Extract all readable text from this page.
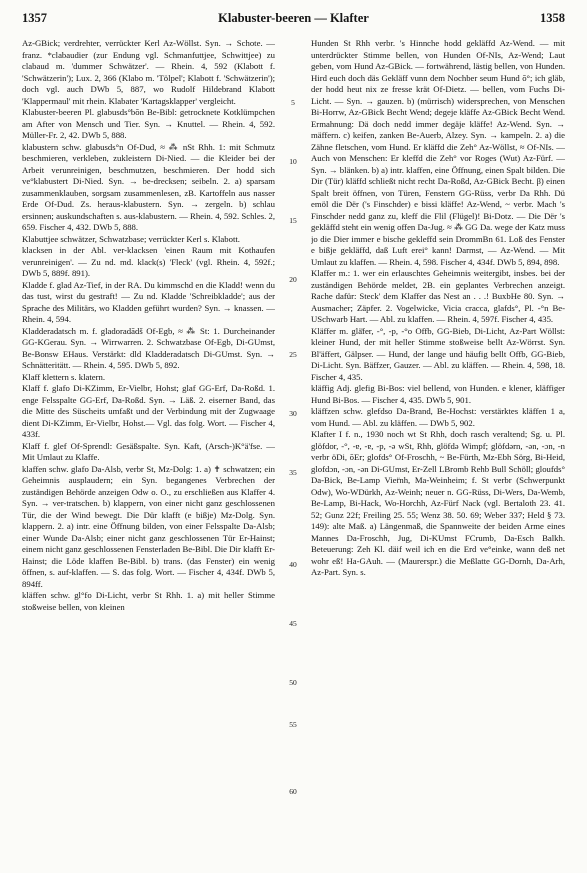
1357	Klabuster-beeren — Klafter	1358

Az-GBick; verdrehter, verrückter Kerl Az-Wöllst. Syn. → Schote. — franz. *clabaudier (zur Endung vgl. Schmanfuttjee, Schwittjee) zu clabaud m. 'dummer Schwätzer'. — Rhein. 4, 592 (Klabott f. 'Schwätzerin'); Lux. 2, 366 (Klabo m. 'Tölpel'; Klabott f. 'Schwätzerin'); doch vgl. auch DWb 5, 887, wo Rudolf Hildebrand Klabott 'Klappermaul' mit rhein. Klabater 'Kartagsklapper' vergleicht.

Klabuster-beeren Pl. glabusds°bōn Be-Bibl: getrocknete Kotklümpchen am After von Mensch und Tier. Syn. → Knuttel. — Rhein. 4, 592. Müller-Fr. 2, 42. DWb 5, 888.

klabustern schw. glabusds°n Of-Dud, ≈ ⁂ nSt Rhh. 1: mit Schmutz beschmieren, verkleben, zukleistern Di-Nied. — die Kleider bei der Arbeit verunreinigen, beschmutzen, beschmieren. Der hodd sich ve°klabustert Di-Nied. Syn. → be-drecksen; seibeln. 2. a) sparsam zusammenklauben, sorgsam zusammenlesen, zB. Kartoffeln aus nasser Erde Of-Dud. Zs. heraus-klabustern. Syn. → zergeln. b) schlau ersinnen; auskundschaften s. aus-klabustern. — Rhein. 4, 592. Schles. 2, 659. Fischer 4, 432. DWb 5, 888.

Klabuttjee schwätzer, Schwatzbase; verrückter Kerl s. Klabott.

klacksen in der Abl. ver-klacksen 'einen Raum mit Kothaufen verunreinigen'. — Zu nd. md. klack(s) 'Fleck' (vgl. Rhein. 4, 592f.; DWb 5, 889f. 891).

Kladde f. glad Az-Tief, in der RA. Du kimmschd en die Kladd! wenn du das tust, wirst du gestraft! — Zu nd. Kladde 'Schreibkladde'; aus der Sprache des Militärs, wo Kladden geführt wurden? Syn. → knassen. — Rhein. 4, 594.

Kladderadatsch m. f. gladoradādš Of-Egb, ≈ ⁂ St: 1. Durcheinander GG-KGerau. Syn. → Wirrwarren. 2. Schwatzbase Of-Egb, Di-GUmst, Be-Bonsw EHaus. Verstärkt: dld Kladderadatsch Di-GUmst. Syn. → Schnätteritätt. — Rhein. 4, 595. DWb 5, 892.

Klaff klettern s. klatern.

Klaff f. glafo Di-KZimm, Er-Vielbr, Hohst; glaf GG-Erf, Da-Roßd. 1. enge Felsspalte GG-Erf, Da-Roßd. Syn. → Läß. 2. eiserner Band, das die Mitte des Süscheits umfaßt und der Verbindung mit der Zugwaage dient Di-KZimm, Er-Vielbr, Hohst.— Vgl. das folg. Wort. — Fischer 4, 433f.

Klaff f. glef Of-Sprendl: Gesäßspalte. Syn. Kaft, (Arsch-)K°ä'fse. — Mit Umlaut zu Klaffe.

klaffen schw. glafo Da-Alsb, verbr St, Mz-Dolg: 1. a) ✝ schwatzen; ein Geheimnis ausplaudern; ein Syn. begangenes Verbrechen der zuständigen Behörde anzeigen Odw o. O., zu erschließen aus Klaffer 4. Syn. → ver-tratschen. b) klappern, von einer nicht ganz geschlossenen Tür, die der Wind bewegt. Die Dür klafft (e bißje) Mz-Dolg. Syn. klappern. 2. a) intr. eine Öffnung bilden, von einer Felsspalte Da-Alsb; einer Wunde Da-Alsb; einer nicht ganz geschlossenen Tür Er-Hainst; einem nicht ganz geschlossenen Fensterladen Be-Bibl. Die Dir klafft Er-Hainst; die Löde klaffen Be-Bibl. b) trans. (das Fenster) ein wenig öffnen, s. auf-klaffen. — S. das folg. Wort. — Fischer 4, 434f. DWb 5, 894ff.

kläffen schw. gl°fo Di-Licht, verbr St Rhh. 1. a) mit heller Stimme stoßweise bellen, von kleinen

5
10
15
20
25
30
35
40
45
50
55
60

Hunden St Rhh verbr. 's Hinnche hodd gekläffd Az-Wend. — mit unterdrückter Stimme bellen, von Hunden Of-NIs, Az-Wend; Laut geben, vom Hund Az-GBick. — fortwährend, lästig bellen, von Hunden. Hird euch doch däs Gekläff vunn dem Nochber seum Hund ō°; ich gläb, der hodd heut nix ze fresse krät Of-Dietz. — bellen, vom Fuchs Di-Licht. — Syn. → gauzen. b) (mürrisch) widersprechen, von Menschen Bi-Horrw, Az-GBick Becht Wend; degeje kläffe Az-GBick Becht Wend. Ermahnung: Dä doch nedd immer degäje kläffe! Az-Wend. Syn. → mäffern. c) keifen, zanken Be-Auerb, Alzey. Syn. → kampeln. 2. a) die Zähne fletschen, vom Hund. Er kläffd die Zeh° Az-Wöllst, ≈ Of-NIs. — Auch von Menschen: Er kleffd die Zeh° vor Roges (Wut) Az-Fürf. — Syn. → blänken. b) a) intr. klaffen, eine Öffnung, einen Spalt bilden. Die Dir (Tür) kläffd schließt nicht recht Da-Roßd, Az-GBick Becht. β) einen Spalt breit öffnen, von Türen, Fenstern GG-Rüss, verbr Da Rhh. Dü emöl die Dër ('s Finschder) e bissi kläffe! Az-Wend, ~ verbr. Mach 's Finschder nedd ganz zu, kleff die Flil (Flügel)! Bi-Dotz. — Die Dër 's gekläffd steht ein wenig offen Da-Jug. ≈ ⁂ GG Da. wege der Katz muss jo die Dier immer e bische gekleffd sein DrommBn 61. Loß des Fenster e bißje gekläffd, daß Luft erei° kann! Darmst, — Az-Wend. — Mit Umlaut zu klaffen. — Rhein. 4, 598. Fischer 4, 434f. DWb 5, 894, 898.

Klaffer m.: 1. wer ein erlauschtes Geheimnis weitergibt, insbes. bei der zuständigen Behörde meldet, 2B. ein geplantes Verbrechen anzeigt. Rache dafür: Steck' dem Klaffer das Nest an . . .! BuxbHe 80. Syn. → Ausmacher; Zäpfer. 2. Vogelwicke, Vicia cracca, glafds°, Pl. -°n Be-USchwarb Hart. — Abl. zu klaffen. — Rhein. 4, 597f. Fischer 4, 435.

Kläffer m. glä̈fer, -°, -p, -°o Offb, GG-Bieb, Di-Licht, Az-Part Wöllst: kleiner Hund, der mit heller Stimme stoßweise bellt Az-Wörrst. Syn. Bl'äffert, Gälpser. — Hund, der lange und häufig bellt Offb, GG-Bieb, Di-Licht. Syn. Bäffzer, Gauzer. — Abl. zu kläffen. — Rhein. 4, 598, 18. Fischer 4, 435.

kläffig Adj. glefig Bi-Bos: viel bellend, von Hunden. e klener, kläffiger Hund Bi-Bos. — Fischer 4, 435. DWb 5, 901.

kläffzen schw. glefdso Da-Brand, Be-Hochst: verstärktes kläffen 1 a, vom Hund. — Abl. zu kläffen. — DWb 5, 902.

Klafter I f. n., 1930 noch wt St Rhh, doch rasch veraltend; Sg. u. Pl. glöfdor, -°, -ɐ, -ɐ, -p, -ə wSt, Rhh, glöfdə Wimpf; glöfdərn, -ən, -ɔn, -n verbr öDi, ōEr; glofds° Of-Froschh, ~ Be-Fürth, Mz-Ebh Sörg, Bi-Heid, glofdɔn, -ɔn, -ən Di-GUmst, Er-Zell LBromb Rehb Bull Schöll; gloufds° Da-Bick, Be-Lamp Vier̈nh, Ma-Weinheim; f. St verbr (Schwerpunkt Odw), Wo-WDürkh, Az-Weinh; neuer n. GG-Rüss, Di-Wers, Da-Wemb, Be-Lamp, Bi-Hack, Wo-Horchh, Az-Fürf Nack (vgl. Bertaloth 23. 41. 52; Gunz 22f; Freiling 25. 55; Wenz 38. 50. 69; Weber 337; Held § 73. 149): alte Maß. a) Längenmaß, die Spannweite der beiden Arme eines Mannes Da-Froschh, Jug, Di-KUmst FCrumb, Da-Esch Balkh. Beteuerung: Zeh Kl. däif weil ich en die Erd ve°einke, wann deß net wohr eß! Ha-GAuh. — (Maurerspr.) die Meßlatte GG-Dornh, Da-Arh, Az-Part. Syn. s.
